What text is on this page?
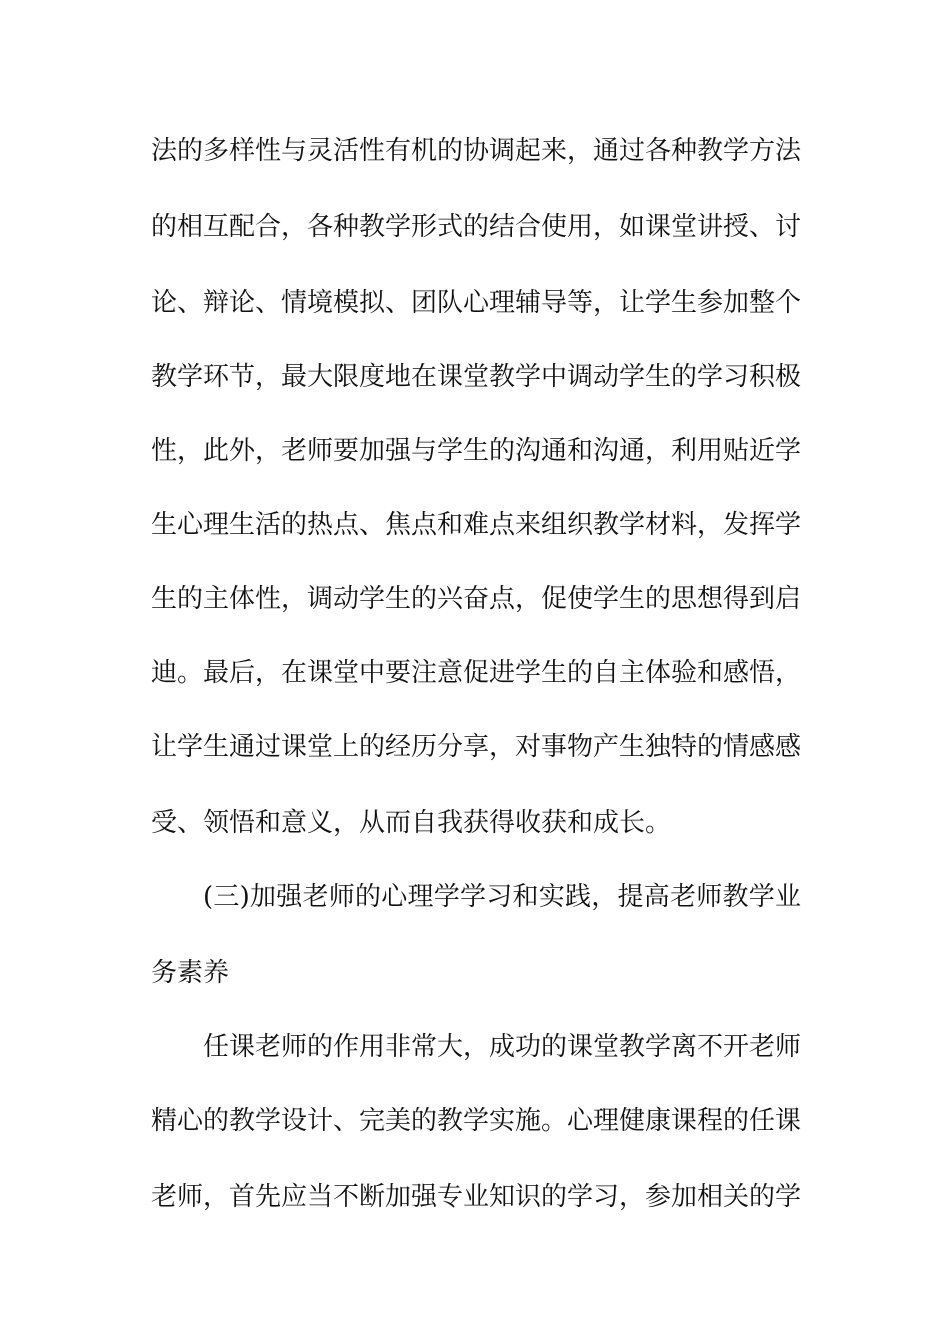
法的多样性与灵活性有机的协调起来，通过各种教学方法
的相互配合，各种教学形式的结合使用，如课堂讲授、讨
论、辩论、情境模拟、团队心理辅导等，让学生参加整个
教学环节，最大限度地在课堂教学中调动学生的学习积极
性，此外，老师要加强与学生的沟通和沟通，利用贴近学
生心理生活的热点、焦点和难点来组织教学材料，发挥学
生的主体性，调动学生的兴奋点，促使学生的思想得到启
迪。最后，在课堂中要注意促进学生的自主体验和感悟，
让学生通过课堂上的经历分享，对事物产生独特的情感感
受、领悟和意义，从而自我获得收获和成长。
(三)加强老师的心理学学习和实践，提高老师教学业
务素养
任课老师的作用非常大，成功的课堂教学离不开老师
精心的教学设计、完美的教学实施。心理健康课程的任课
老师，首先应当不断加强专业知识的学习，参加相关的学
